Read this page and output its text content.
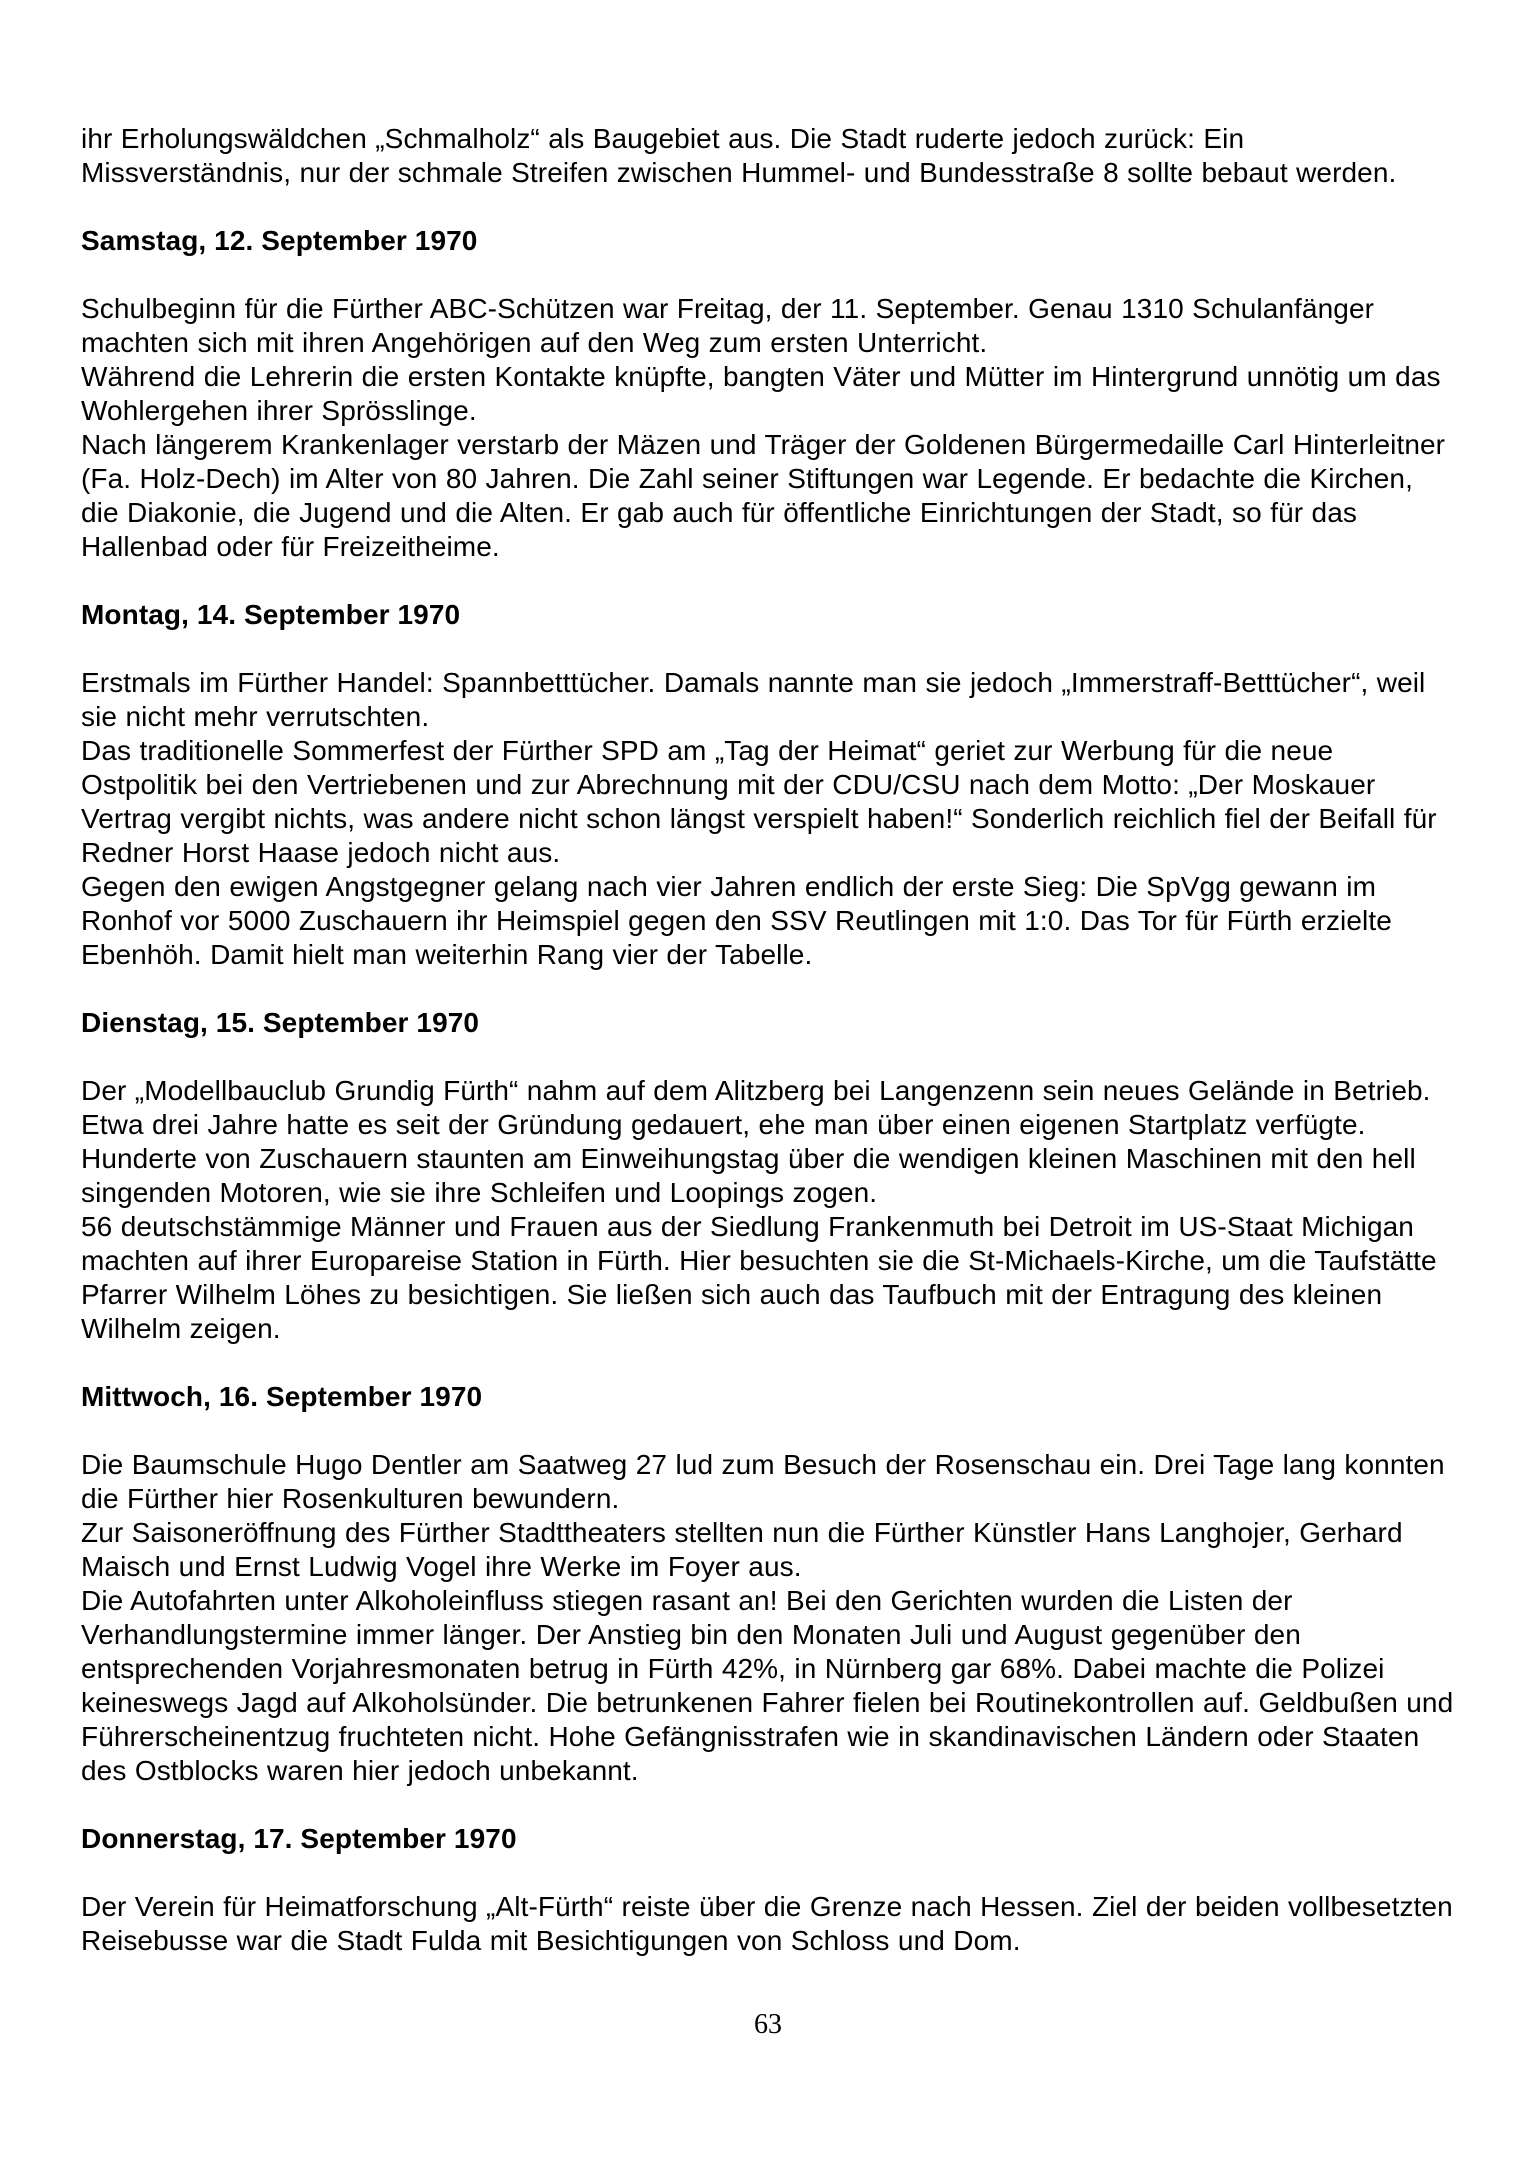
ihr Erholungswäldchen „Schmalholz“ als Baugebiet aus. Die Stadt ruderte jedoch zurück: Ein Missverständnis, nur der schmale Streifen zwischen Hummel- und Bundesstraße 8 sollte bebaut werden.

Samstag, 12. September 1970

Schulbeginn für die Fürther ABC-Schützen war Freitag, der 11. September. Genau 1310 Schulanfänger machten sich mit ihren Angehörigen auf den Weg zum ersten Unterricht.

Während die Lehrerin die ersten Kontakte knüpfte, bangten Väter und Mütter im Hintergrund unnötig um das Wohlergehen ihrer Sprösslinge.

Nach längerem Krankenlager verstarb der Mäzen und Träger der Goldenen Bürgermedaille Carl Hinterleitner (Fa. Holz-Dech) im Alter von 80 Jahren. Die Zahl seiner Stiftungen war Legende. Er bedachte die Kirchen, die Diakonie, die Jugend und die Alten. Er gab auch für öffentliche Einrichtungen der Stadt, so für das Hallenbad oder für Freizeitheime.

Montag, 14. September 1970

Erstmals im Fürther Handel: Spannbetttücher. Damals nannte man sie jedoch „Immerstraff-Betttücher“, weil sie nicht mehr verrutschten.

Das traditionelle Sommerfest der Fürther SPD am „Tag der Heimat“ geriet zur Werbung für die neue Ostpolitik bei den Vertriebenen und zur Abrechnung mit der CDU/CSU nach dem Motto: „Der Moskauer Vertrag vergibt nichts, was andere nicht schon längst verspielt haben!“ Sonderlich reichlich fiel der Beifall für Redner Horst Haase jedoch nicht aus.

Gegen den ewigen Angstgegner gelang nach vier Jahren endlich der erste Sieg: Die SpVgg gewann im Ronhof vor 5000 Zuschauern ihr Heimspiel gegen den SSV Reutlingen mit 1:0. Das Tor für Fürth erzielte Ebenhöh. Damit hielt man weiterhin Rang vier der Tabelle.

Dienstag, 15. September 1970

Der „Modellbauclub Grundig Fürth“ nahm auf dem Alitzberg bei Langenzenn sein neues Gelände in Betrieb. Etwa drei Jahre hatte es seit der Gründung gedauert, ehe man über einen eigenen Startplatz verfügte. Hunderte von Zuschauern staunten am Einweihungstag über die wendigen kleinen Maschinen mit den hell singenden Motoren, wie sie ihre Schleifen und Loopings zogen.

56 deutschstämmige Männer und Frauen aus der Siedlung Frankenmuth bei Detroit im US-Staat Michigan machten auf ihrer Europareise Station in Fürth. Hier besuchten sie die St-Michaels-Kirche, um die Taufstätte Pfarrer Wilhelm Löhes zu besichtigen. Sie ließen sich auch das Taufbuch mit der Entragung des kleinen Wilhelm zeigen.

Mittwoch, 16. September 1970

Die Baumschule Hugo Dentler am Saatweg 27 lud zum Besuch der Rosenschau ein. Drei Tage lang konnten die Fürther hier Rosenkulturen bewundern.

Zur Saisoneröffnung des Fürther Stadttheaters stellten nun die Fürther Künstler Hans Langhojer, Gerhard Maisch und Ernst Ludwig Vogel ihre Werke im Foyer aus.

Die Autofahrten unter Alkoholeinfluss stiegen rasant an! Bei den Gerichten wurden die Listen der Verhandlungstermine immer länger. Der Anstieg bin den Monaten Juli und August gegenüber den entsprechenden Vorjahresmonaten betrug in Fürth 42%, in Nürnberg gar 68%. Dabei machte die Polizei keineswegs Jagd auf Alkoholsünder. Die betrunkenen Fahrer fielen bei Routinekontrollen auf. Geldbußen und Führerscheinentzug fruchteten nicht. Hohe Gefängnisstrafen wie in skandinavischen Ländern oder Staaten des Ostblocks waren hier jedoch unbekannt.

Donnerstag, 17. September 1970

Der Verein für Heimatforschung „Alt-Fürth“ reiste über die Grenze nach Hessen. Ziel der beiden vollbesetzten Reisebusse war die Stadt Fulda mit Besichtigungen von Schloss und Dom.

63
